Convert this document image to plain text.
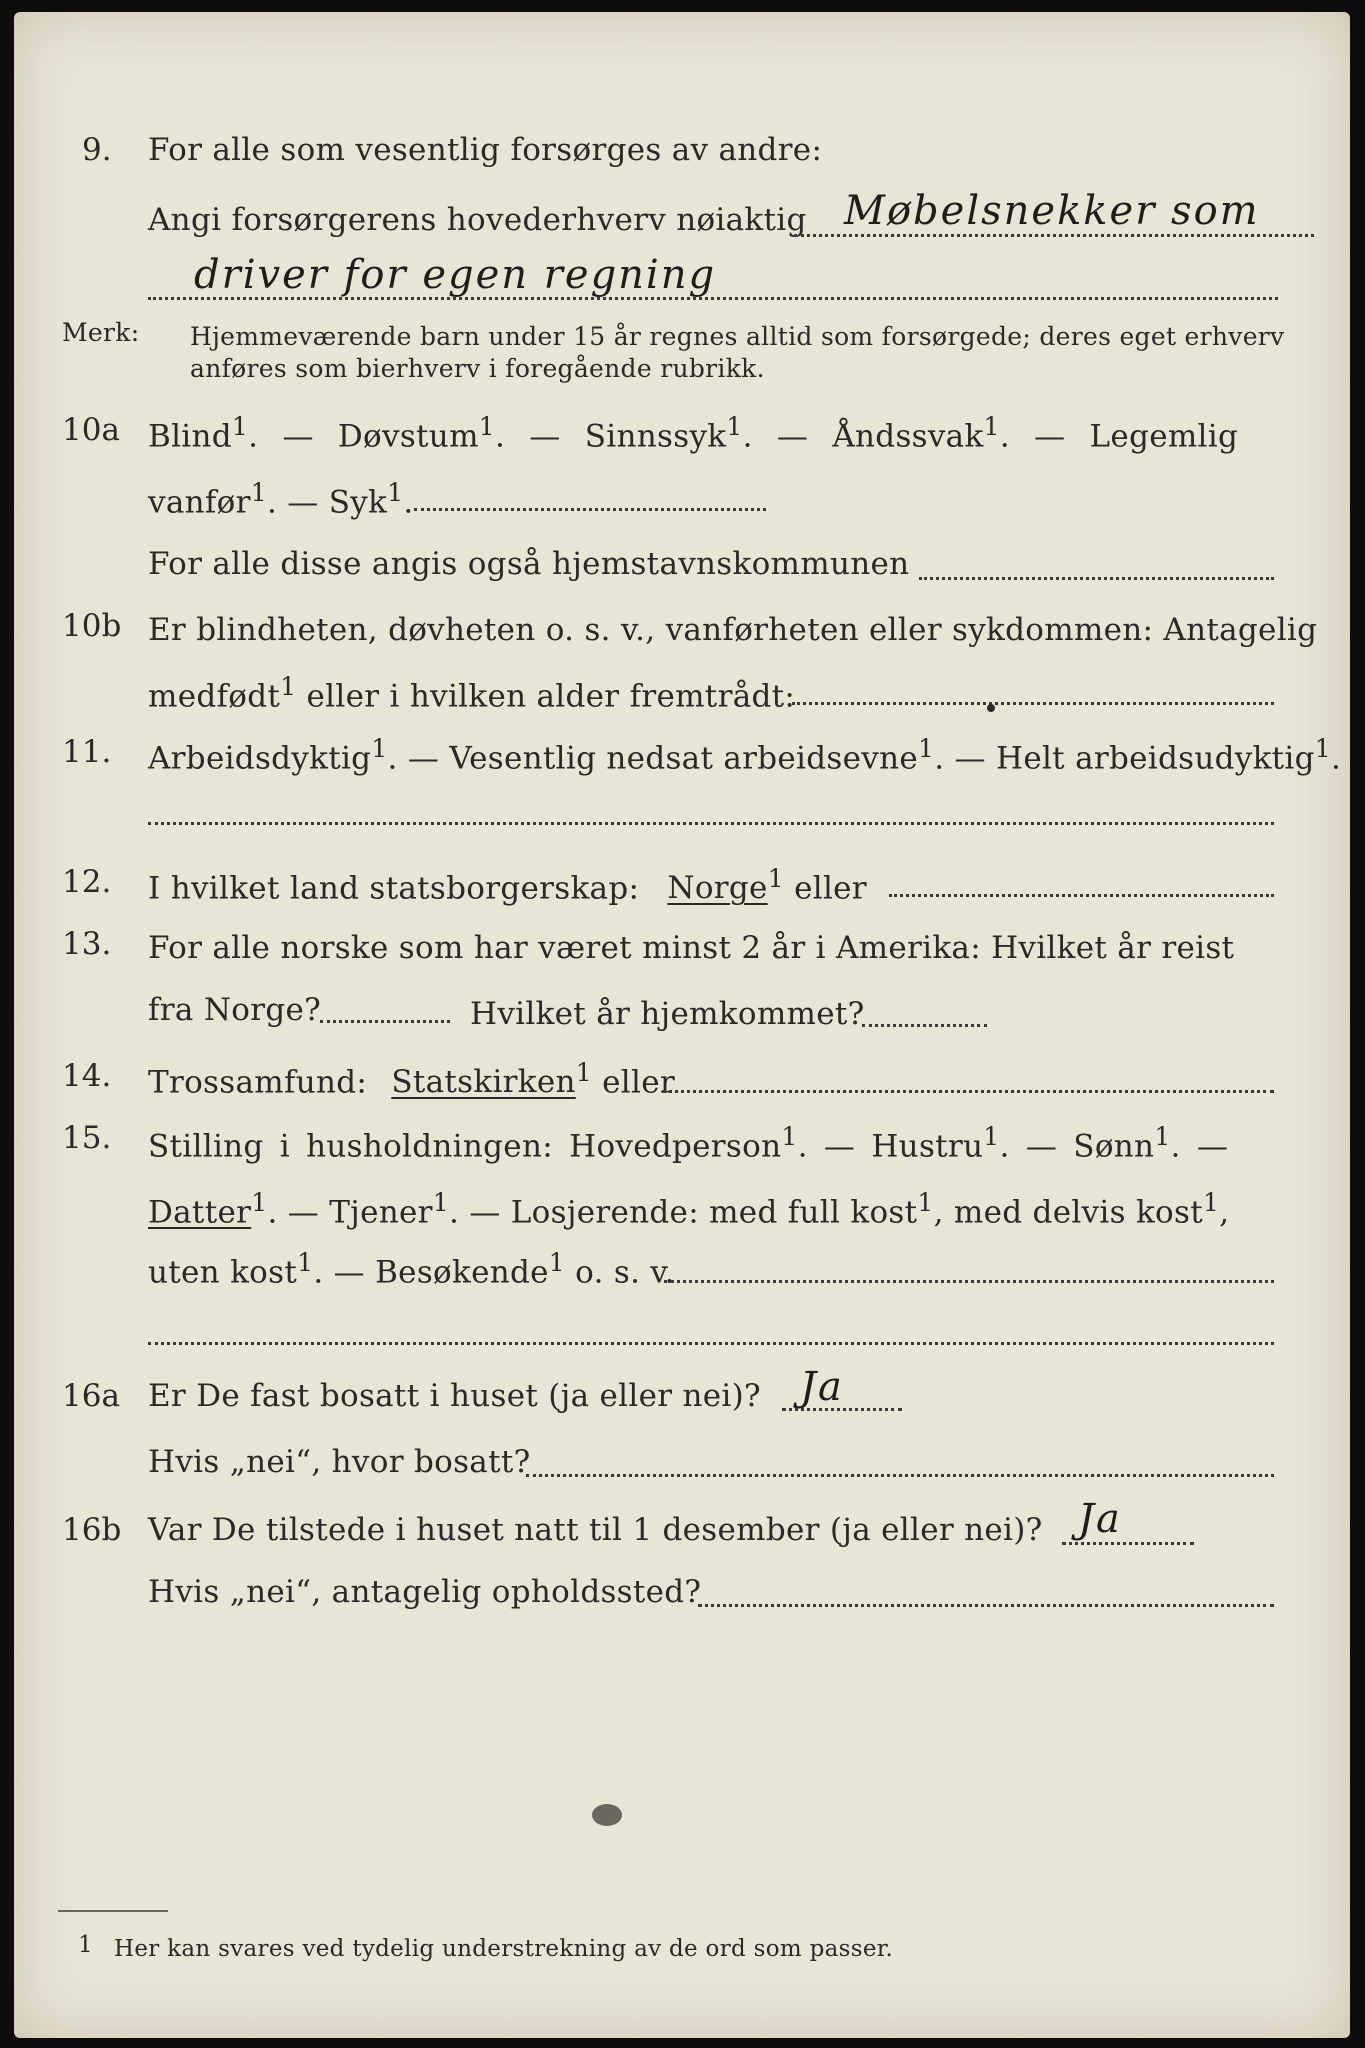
9. For alle som vesentlig forsørges av andre:
Angi forsørgerens hovederhverv nøiaktig Møbelsnekker som
driver for egen regning
Merk: Hjemmeværende barn under 15 år regnes alltid som forsørgede; deres eget erhverv
anføres som bierhverv i foregående rubrikk.
10a Blind$^1$. — Døvstum$^1$. — Sinnssyk$^1$. — Åndssvak$^1$. — Legemlig
vanfør$^1$. — Syk$^1$.
For alle disse angis også hjemstavnskommunen
10b Er blindheten, døvheten o. s. v., vanførheten eller sykdommen: Antagelig
medfødt$^1$ eller i hvilken alder fremtrådt:
11. Arbeidsdyktig$^1$. — Vesentlig nedsat arbeidsevne$^1$. — Helt arbeidsudyktig$^1$.
12. I hvilket land statsborgerskap: Norge$^1$ eller
13. For alle norske som har været minst 2 år i Amerika: Hvilket år reist
fra Norge?	Hvilket år hjemkommet?
14. Trossamfund: Statskirken$^1$ eller
15. Stilling i husholdningen: Hovedperson$^1$. — Hustru$^1$. — Sønn$^1$. —
Datter$^1$. — Tjener$^1$. — Losjerende: med full kost$^1$, med delvis kost$^1$,
uten kost$^1$. — Besøkende$^1$ o. s. v.
16a Er De fast bosatt i huset (ja eller nei)? Ja
Hvis „nei“, hvor bosatt?
16b Var De tilstede i huset natt til 1 desember (ja eller nei)? Ja
Hvis „nei“, antagelig opholdssted?
1 Her kan svares ved tydelig understrekning av de ord som passer.
